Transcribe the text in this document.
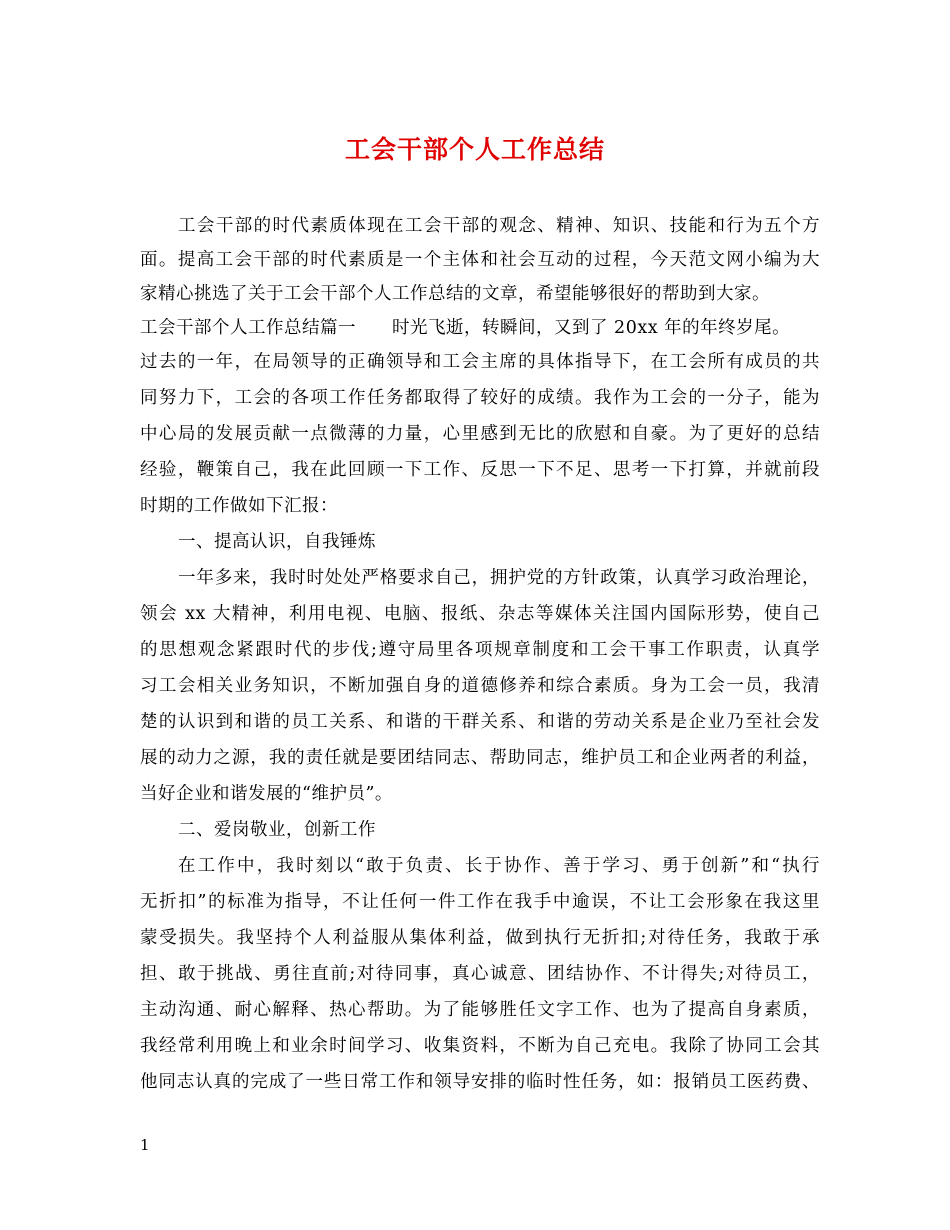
工会干部个人工作总结
工会干部的时代素质体现在工会干部的观念、精神、知识、技能和行为五个方
面。提高工会干部的时代素质是一个主体和社会互动的过程，今天范文网小编为大
家精心挑选了关于工会干部个人工作总结的文章，希望能够很好的帮助到大家。
工会干部个人工作总结篇一　　时光飞逝，转瞬间，又到了 20xx 年的年终岁尾。
过去的一年，在局领导的正确领导和工会主席的具体指导下，在工会所有成员的共
同努力下，工会的各项工作任务都取得了较好的成绩。我作为工会的一分子，能为
中心局的发展贡献一点微薄的力量，心里感到无比的欣慰和自豪。为了更好的总结
经验，鞭策自己，我在此回顾一下工作、反思一下不足、思考一下打算，并就前段
时期的工作做如下汇报：
一、提高认识，自我锤炼
一年多来，我时时处处严格要求自己，拥护党的方针政策，认真学习政治理论，
领会 xx 大精神，利用电视、电脑、报纸、杂志等媒体关注国内国际形势，使自己
的思想观念紧跟时代的步伐;遵守局里各项规章制度和工会干事工作职责，认真学
习工会相关业务知识，不断加强自身的道德修养和综合素质。身为工会一员，我清
楚的认识到和谐的员工关系、和谐的干群关系、和谐的劳动关系是企业乃至社会发
展的动力之源，我的责任就是要团结同志、帮助同志，维护员工和企业两者的利益，
当好企业和谐发展的“维护员”。
二、爱岗敬业，创新工作
在工作中，我时刻以“敢于负责、长于协作、善于学习、勇于创新”和“执行
无折扣”的标准为指导，不让任何一件工作在我手中逾误，不让工会形象在我这里
蒙受损失。我坚持个人利益服从集体利益，做到执行无折扣;对待任务，我敢于承
担、敢于挑战、勇往直前;对待同事，真心诚意、团结协作、不计得失;对待员工，
主动沟通、耐心解释、热心帮助。为了能够胜任文字工作、也为了提高自身素质，
我经常利用晚上和业余时间学习、收集资料，不断为自己充电。我除了协同工会其
他同志认真的完成了一些日常工作和领导安排的临时性任务，如：报销员工医药费、
1
